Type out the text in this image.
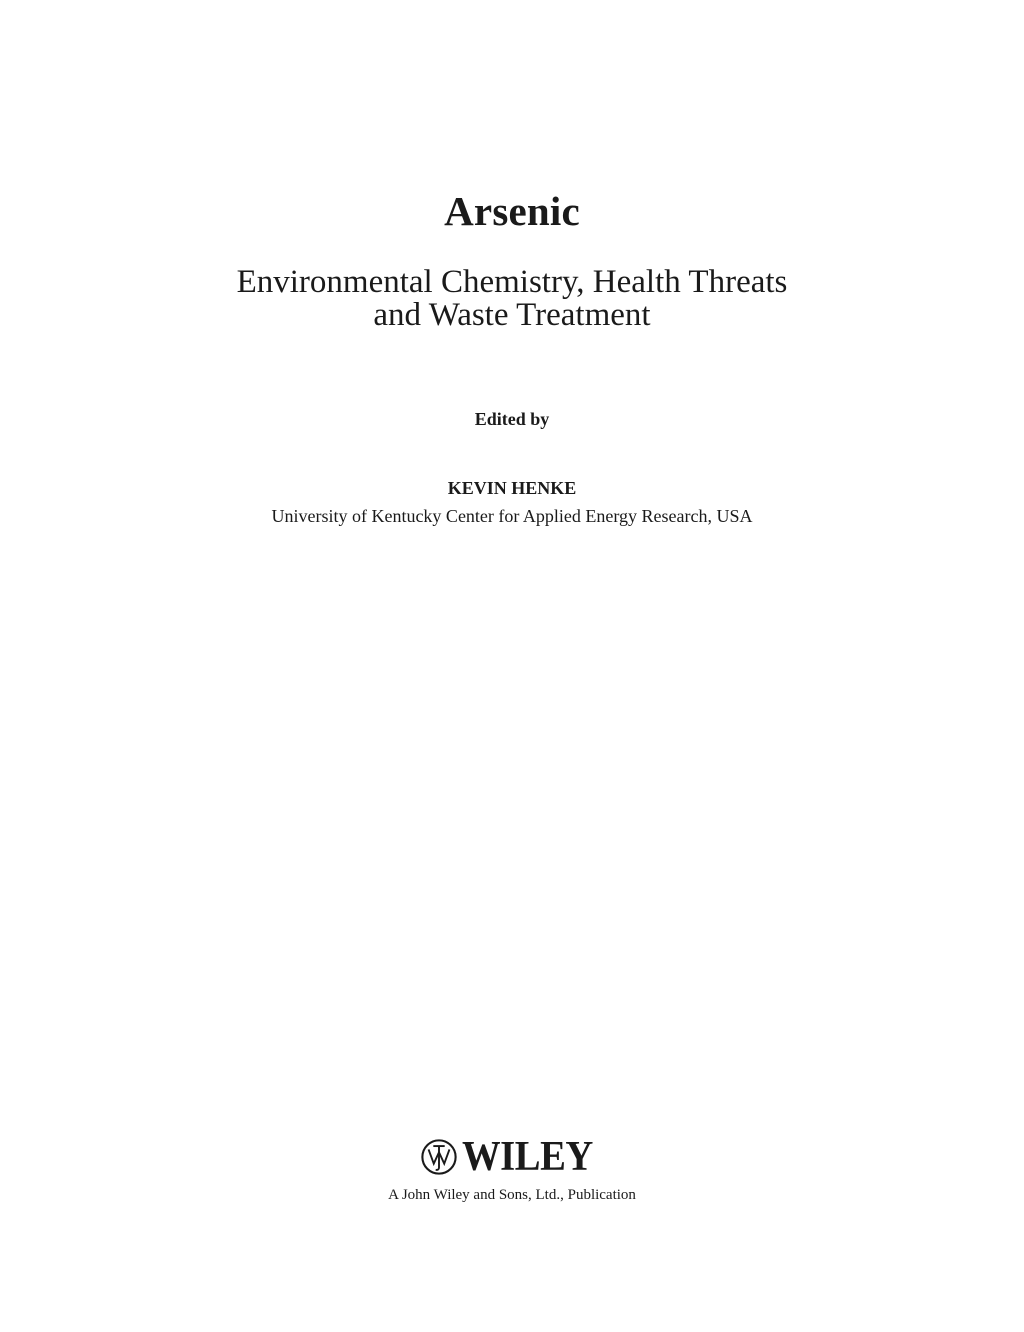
Arsenic
Environmental Chemistry, Health Threats
and Waste Treatment
Edited by
KEVIN HENKE
University of Kentucky Center for Applied Energy Research, USA
WILEY
A John Wiley and Sons, Ltd., Publication
